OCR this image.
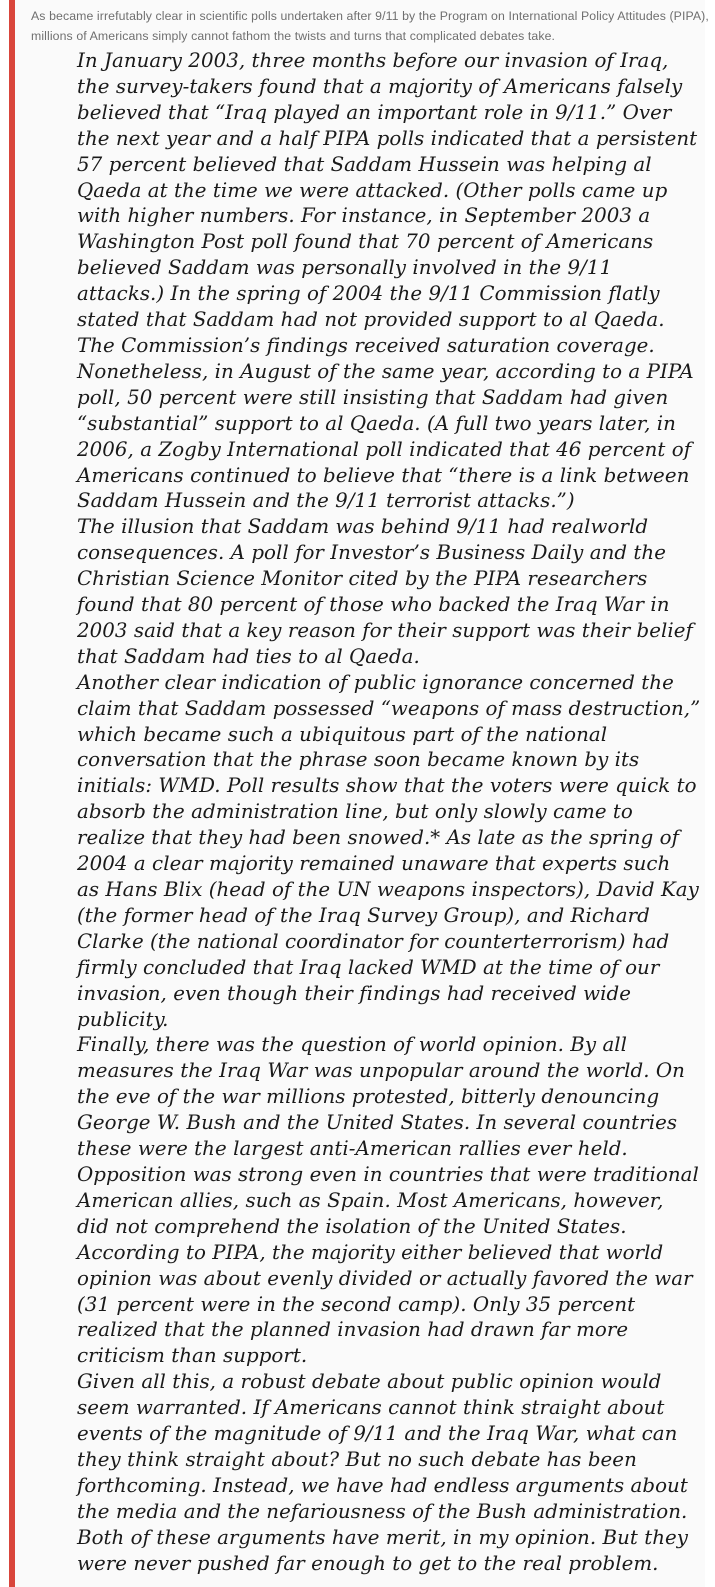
As became irrefutably clear in scientific polls undertaken after 9/11 by the Program on International Policy Attitudes (PIPA),
millions of Americans simply cannot fathom the twists and turns that complicated debates take.

In January 2003, three months before our invasion of Iraq,
the survey-takers found that a majority of Americans falsely
believed that “Iraq played an important role in 9/11.” Over
the next year and a half PIPA polls indicated that a persistent
57 percent believed that Saddam Hussein was helping al
Qaeda at the time we were attacked. (Other polls came up
with higher numbers. For instance, in September 2003 a
Washington Post poll found that 70 percent of Americans
believed Saddam was personally involved in the 9/11
attacks.) In the spring of 2004 the 9/11 Commission flatly
stated that Saddam had not provided support to al Qaeda.
The Commission’s findings received saturation coverage.
Nonetheless, in August of the same year, according to a PIPA
poll, 50 percent were still insisting that Saddam had given
“substantial” support to al Qaeda. (A full two years later, in
2006, a Zogby International poll indicated that 46 percent of
Americans continued to believe that “there is a link between
Saddam Hussein and the 9/11 terrorist attacks.”)

The illusion that Saddam was behind 9/11 had realworld
consequences. A poll for Investor’s Business Daily and the
Christian Science Monitor cited by the PIPA researchers
found that 80 percent of those who backed the Iraq War in
2003 said that a key reason for their support was their belief
that Saddam had ties to al Qaeda.

Another clear indication of public ignorance concerned the
claim that Saddam possessed “weapons of mass destruction,”
which became such a ubiquitous part of the national
conversation that the phrase soon became known by its
initials: WMD. Poll results show that the voters were quick to
absorb the administration line, but only slowly came to
realize that they had been snowed.* As late as the spring of
2004 a clear majority remained unaware that experts such
as Hans Blix (head of the UN weapons inspectors), David Kay
(the former head of the Iraq Survey Group), and Richard
Clarke (the national coordinator for counterterrorism) had
firmly concluded that Iraq lacked WMD at the time of our
invasion, even though their findings had received wide
publicity.

Finally, there was the question of world opinion. By all
measures the Iraq War was unpopular around the world. On
the eve of the war millions protested, bitterly denouncing
George W. Bush and the United States. In several countries
these were the largest anti-American rallies ever held.
Opposition was strong even in countries that were traditional
American allies, such as Spain. Most Americans, however,
did not comprehend the isolation of the United States.
According to PIPA, the majority either believed that world
opinion was about evenly divided or actually favored the war
(31 percent were in the second camp). Only 35 percent
realized that the planned invasion had drawn far more
criticism than support.

Given all this, a robust debate about public opinion would
seem warranted. If Americans cannot think straight about
events of the magnitude of 9/11 and the Iraq War, what can
they think straight about? But no such debate has been
forthcoming. Instead, we have had endless arguments about
the media and the nefariousness of the Bush administration.
Both of these arguments have merit, in my opinion. But they
were never pushed far enough to get to the real problem.
